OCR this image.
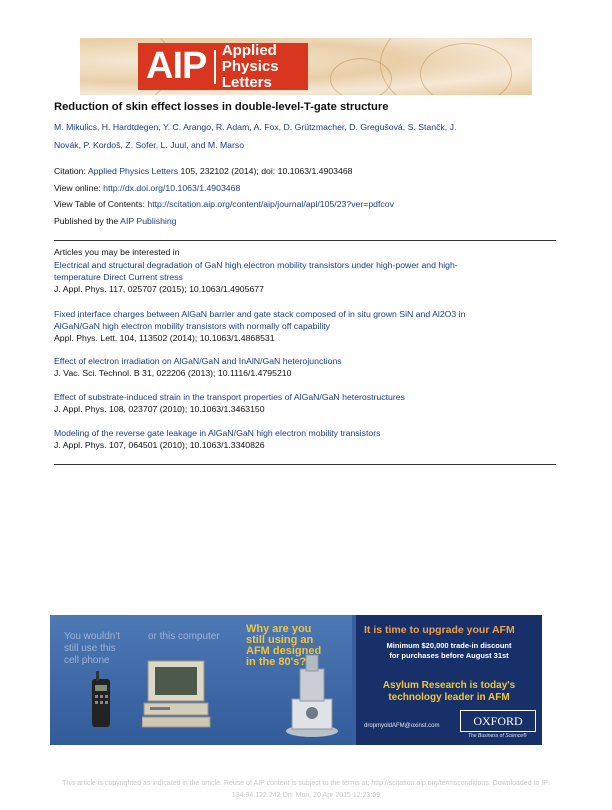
AIP Applied Physics
Letters
Reduction of skin effect losses in double-level-T-gate structure
M. Mikulics, H. Hardtdegen, Y. C. Arango, R. Adam, A. Fox, D. Grützmacher, D. Gregušová, S. Stančk, J.
Novák, P. Kordoš, Z. Sofer, L. Juul, and M. Marso
Citation: Applied Physics Letters 105, 232102 (2014); doi: 10.1063/1.4903468
View online: http://dx.doi.org/10.1063/1.4903468
View Table of Contents: http://scitation.aip.org/content/aip/journal/apl/105/23?ver=pdfcov
Published by the AIP Publishing
Articles you may be interested in
Electrical and structural degradation of GaN high electron mobility transistors under high-power and high-
temperature Direct Current stress
J. Appl. Phys. 117, 025707 (2015); 10.1063/1.4905677
Fixed interface charges between AlGaN barrier and gate stack composed of in situ grown SiN and Al2O3 in
AlGaN/GaN high electron mobility transistors with normally off capability
Appl. Phys. Lett. 104, 113502 (2014); 10.1063/1.4868531
Effect of electron irradiation on AlGaN/GaN and InAlN/GaN heterojunctions
J. Vac. Sci. Technol. B 31, 022206 (2013); 10.1116/1.4795210
Effect of substrate-induced strain in the transport properties of AlGaN/GaN heterostructures
J. Appl. Phys. 108, 023707 (2010); 10.1063/1.3463150
Modeling of the reverse gate leakage in AlGaN/GaN high electron mobility transistors
J. Appl. Phys. 107, 064501 (2010); 10.1063/1.3340826
You wouldn't
still use this
cell phone
or this computer
Why are you
still using an
AFM designed
in the 80's?
It is time to upgrade your AFM
Minimum $20,000 trade-in discount
for purchases before August 31st
Asylum Research is today's
technology leader in AFM
dropmyoldAFM@oxinst.com	OXFORD
The Business of Science®
This article is copyrighted as indicated in the article. Reuse of AIP content is subject to the terms at: http://scitation.aip.org/termsconditions. Downloaded to IP:
134.94.122.242 On: Mon, 20 Apr 2015 12:23:09
